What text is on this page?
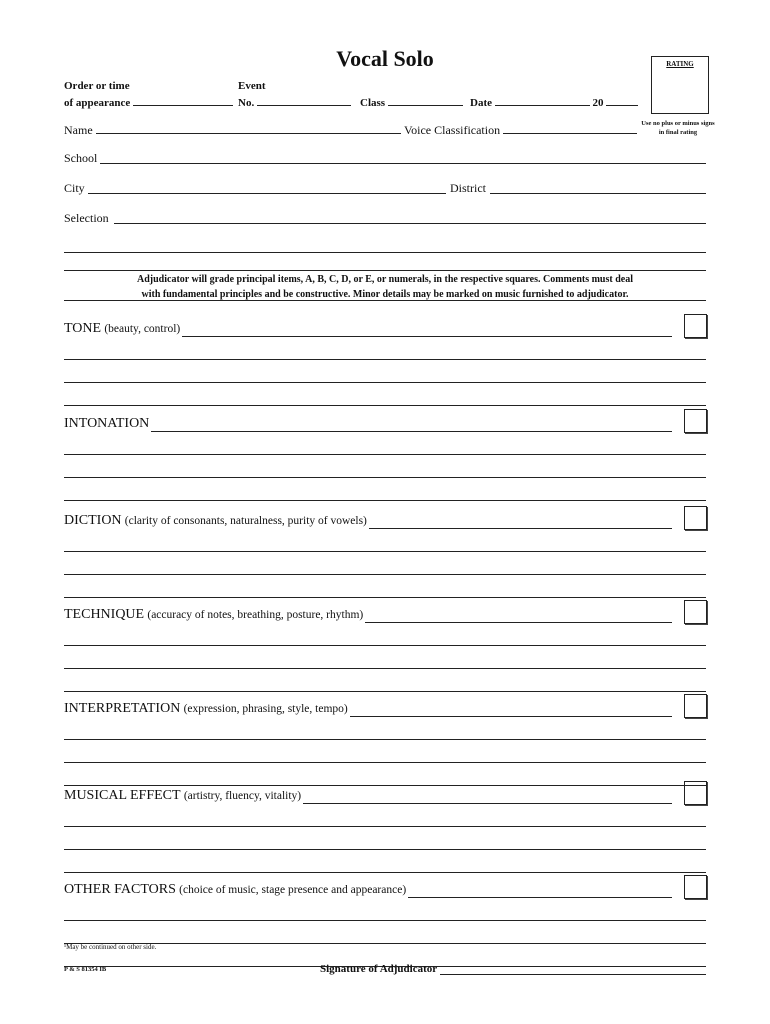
Vocal Solo	RATING
Use no plus or minus signs in final rating
Order or time
of appearance
Event
No.	Class	Date	20
Name	Voice Classification
School
City	District
Selection
Adjudicator will grade principal items, A, B, C, D, or E, or numerals, in the respective squares. Comments must deal
with fundamental principles and be constructive. Minor details may be marked on music furnished to adjudicator.
TONE (beauty, control)
INTONATION
DICTION (clarity of consonants, naturalness, purity of vowels)
TECHNIQUE (accuracy of notes, breathing, posture, rhythm)
INTERPRETATION (expression, phrasing, style, tempo)
MUSICAL EFFECT (artistry, fluency, vitality)
OTHER FACTORS (choice of music, stage presence and appearance)
¹May be continued on other side.
P & S 81354 IB	Signature of Adjudicator
